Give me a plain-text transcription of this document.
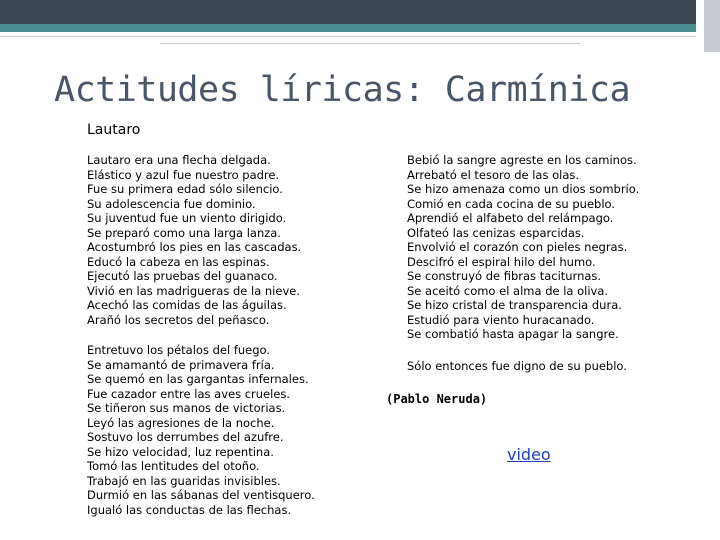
Actitudes líricas: Carmínica
Lautaro
Lautaro era una flecha delgada.
Elástico y azul fue nuestro padre.
Fue su primera edad sólo silencio.
Su adolescencia fue dominio.
Su juventud fue un viento dirigido.
Se preparó como una larga lanza.
Acostumbró los pies en las cascadas.
Educó la cabeza en las espinas.
Ejecutó las pruebas del guanaco.
Vivió en las madrigueras de la nieve.
Acechó las comidas de las águilas.
Arañó los secretos del peñasco.
Entretuvo los pétalos del fuego.
Se amamantó de primavera fría.
Se quemó en las gargantas infernales.
Fue cazador entre las aves crueles.
Se tiñeron sus manos de victorias.
Leyó las agresiones de la noche.
Sostuvo los derrumbes del azufre.
Se hizo velocidad, luz repentina.
Tomó las lentitudes del otoño.
Trabajó en las guaridas invisibles.
Durmió en las sábanas del ventisquero.
Igualó las conductas de las flechas.
Bebió la sangre agreste en los caminos.
Arrebató el tesoro de las olas.
Se hizo amenaza como un dios sombrío.
Comió en cada cocina de su pueblo.
Aprendió el alfabeto del relámpago.
Olfateó las cenizas esparcidas.
Envolvió el corazón con pieles negras.
Descifró el espiral hilo del humo.
Se construyó de fibras taciturnas.
Se aceitó como el alma de la oliva.
Se hizo cristal de transparencia dura.
Estudió para viento huracanado.
Se combatió hasta apagar la sangre.
Sólo entonces fue digno de su pueblo.
(Pablo Neruda)
video
